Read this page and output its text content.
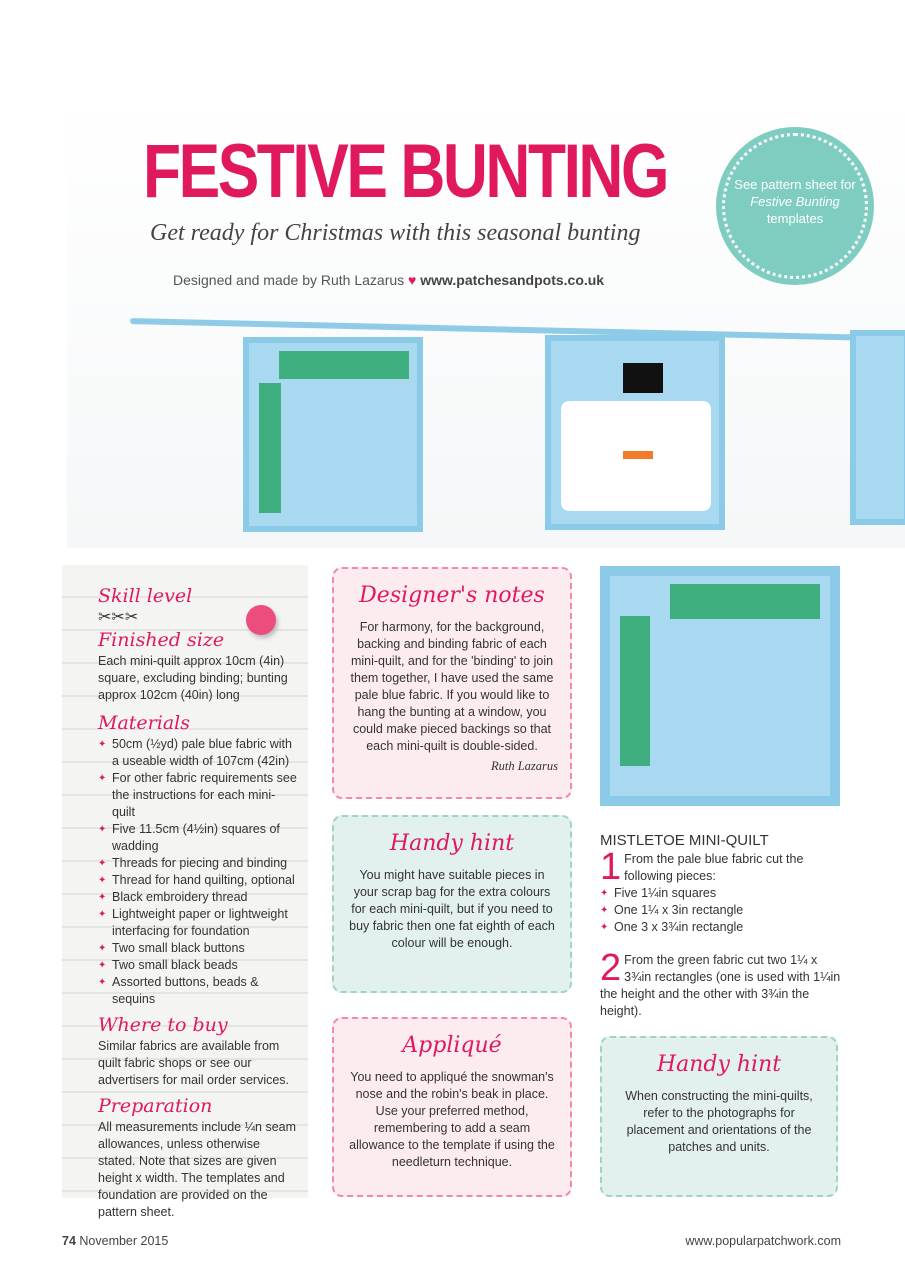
FESTIVE BUNTING
Get ready for Christmas with this seasonal bunting
Designed and made by Ruth Lazarus ♥ www.patchesandpots.co.uk
See pattern sheet for
Festive Bunting
templates
Skill level
✂✂✂
Finished size

Each mini-quilt approx 10cm (4in) square, excluding binding; bunting approx 102cm (40in) long

Materials
✦ 50cm (½yd) pale blue fabric with a useable width of 107cm (42in)
✦ For other fabric requirements see the instructions for each mini-quilt
✦ Five 11.5cm (4½in) squares of wadding
✦ Threads for piecing and binding
✦ Thread for hand quilting, optional
✦ Black embroidery thread
✦ Lightweight paper or lightweight interfacing for foundation
✦ Two small black buttons
✦ Two small black beads
✦ Assorted buttons, beads & sequins
Where to buy

Similar fabrics are available from quilt fabric shops or see our advertisers for mail order services.

Preparation

All measurements include ¼n seam allowances, unless otherwise stated. Note that sizes are given height x width. The templates and foundation are provided on the pattern sheet.

Designer's notes

For harmony, for the background, backing and binding fabric of each mini-quilt, and for the 'binding' to join them together, I have used the same pale blue fabric. If you would like to hang the bunting at a window, you could make pieced backings so that each mini-quilt is double-sided.

Ruth Lazarus

Handy hint

You might have suitable pieces in your scrap bag for the extra colours for each mini-quilt, but if you need to buy fabric then one fat eighth of each colour will be enough.

Appliqué

You need to appliqué the snowman's nose and the robin's beak in place. Use your preferred method, remembering to add a seam allowance to the template if using the needleturn technique.

MISTLETOE MINI-QUILT
1 From the pale blue fabric cut the following pieces:

✦ Five 1¼in squares
✦ One 1¼ x 3in rectangle
✦ One 3 x 3¾in rectangle
2 From the green fabric cut two 1¼ x 3¾in rectangles (one is used with 1¼in the height and the other with 3¾in the height).

Handy hint

When constructing the mini-quilts, refer to the photographs for placement and orientations of the patches and units.

74 November 2015	www.popularpatchwork.com
